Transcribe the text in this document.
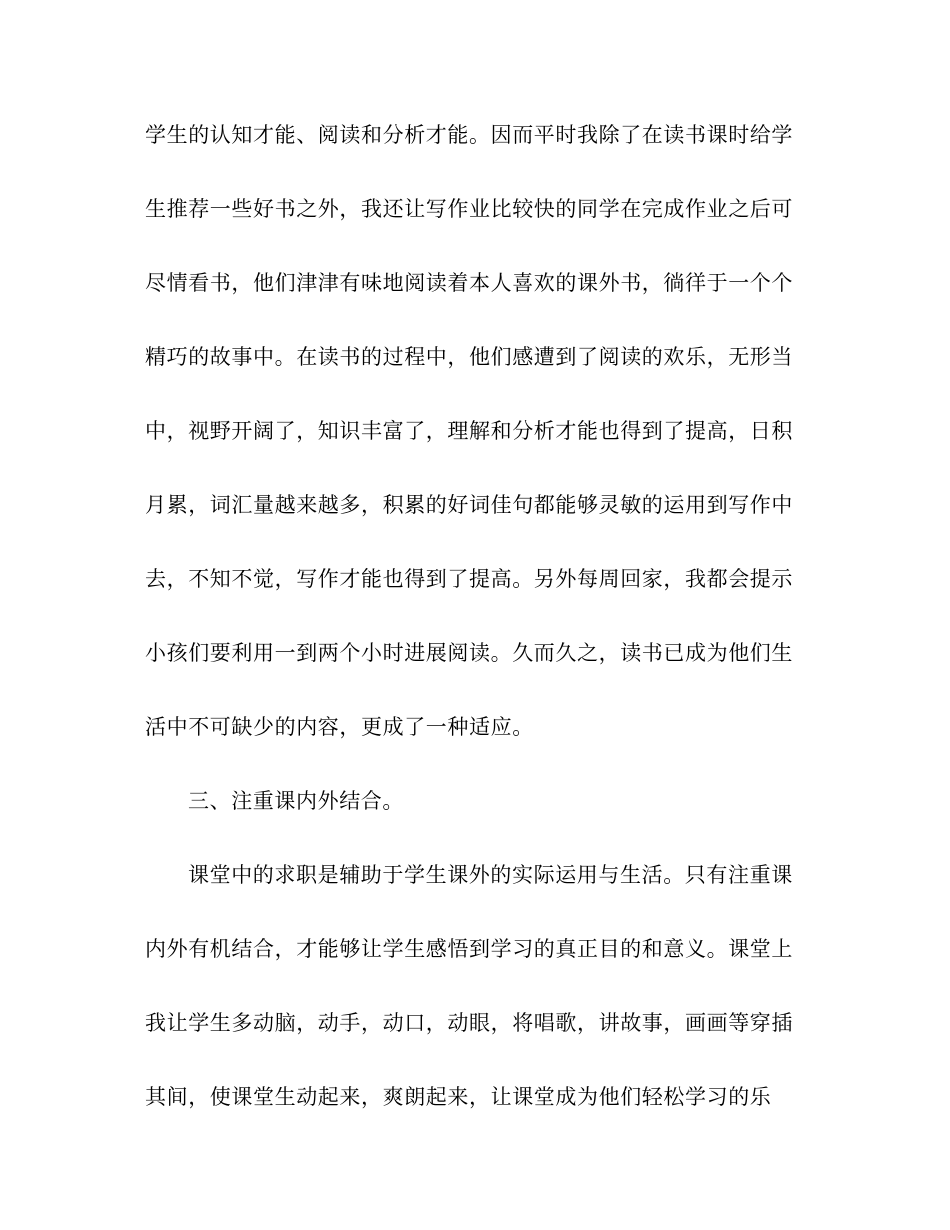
学生的认知才能、阅读和分析才能。因而平时我除了在读书课时给学
生推荐一些好书之外，我还让写作业比较快的同学在完成作业之后可
尽情看书，他们津津有味地阅读着本人喜欢的课外书，徜徉于一个个
精巧的故事中。在读书的过程中，他们感遭到了阅读的欢乐，无形当
中，视野开阔了，知识丰富了，理解和分析才能也得到了提高，日积
月累，词汇量越来越多，积累的好词佳句都能够灵敏的运用到写作中
去，不知不觉，写作才能也得到了提高。另外每周回家，我都会提示
小孩们要利用一到两个小时进展阅读。久而久之，读书已成为他们生
活中不可缺少的内容，更成了一种适应。
三、注重课内外结合。
课堂中的求职是辅助于学生课外的实际运用与生活。只有注重课
内外有机结合，才能够让学生感悟到学习的真正目的和意义。课堂上
我让学生多动脑，动手，动口，动眼，将唱歌，讲故事，画画等穿插
其间，使课堂生动起来，爽朗起来，让课堂成为他们轻松学习的乐
